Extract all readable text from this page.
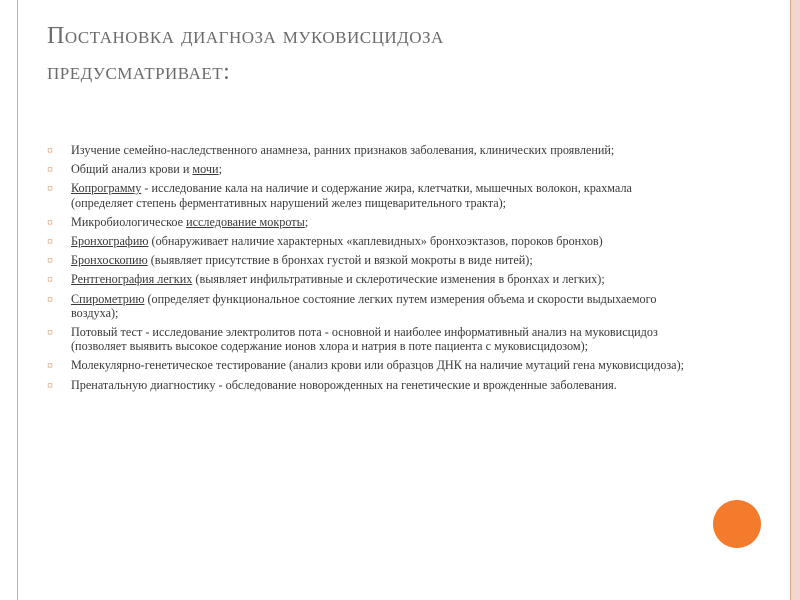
Постановка диагноза муковисцидоза
предусматривает:
¤ Изучение семейно-наследственного анамнеза, ранних признаков заболевания, клинических проявлений;
¤ Общий анализ крови и мочи;
¤ Копрограмму - исследование кала на наличие и содержание жира, клетчатки, мышечных волокон, крахмала (определяет степень ферментативных нарушений желез пищеварительного тракта);
¤ Микробиологическое исследование мокроты;
¤ Бронхографию (обнаруживает наличие характерных «каплевидных» бронхоэктазов, пороков бронхов)
¤ Бронхоскопию (выявляет присутствие в бронхах густой и вязкой мокроты в виде нитей);
¤ Рентгенография легких (выявляет инфильтративные и склеротические изменения в бронхах и легких);
¤ Спирометрию (определяет функциональное состояние легких путем измерения объема и скорости выдыхаемого воздуха);
¤ Потовый тест - исследование электролитов пота - основной и наиболее информативный анализ на муковисцидоз (позволяет выявить высокое содержание ионов хлора и натрия в поте пациента с муковисцидозом);
¤ Молекулярно-генетическое тестирование (анализ крови или образцов ДНК на наличие мутаций гена муковисцидоза);
¤ Пренатальную диагностику - обследование новорожденных на генетические и врожденные заболевания.
